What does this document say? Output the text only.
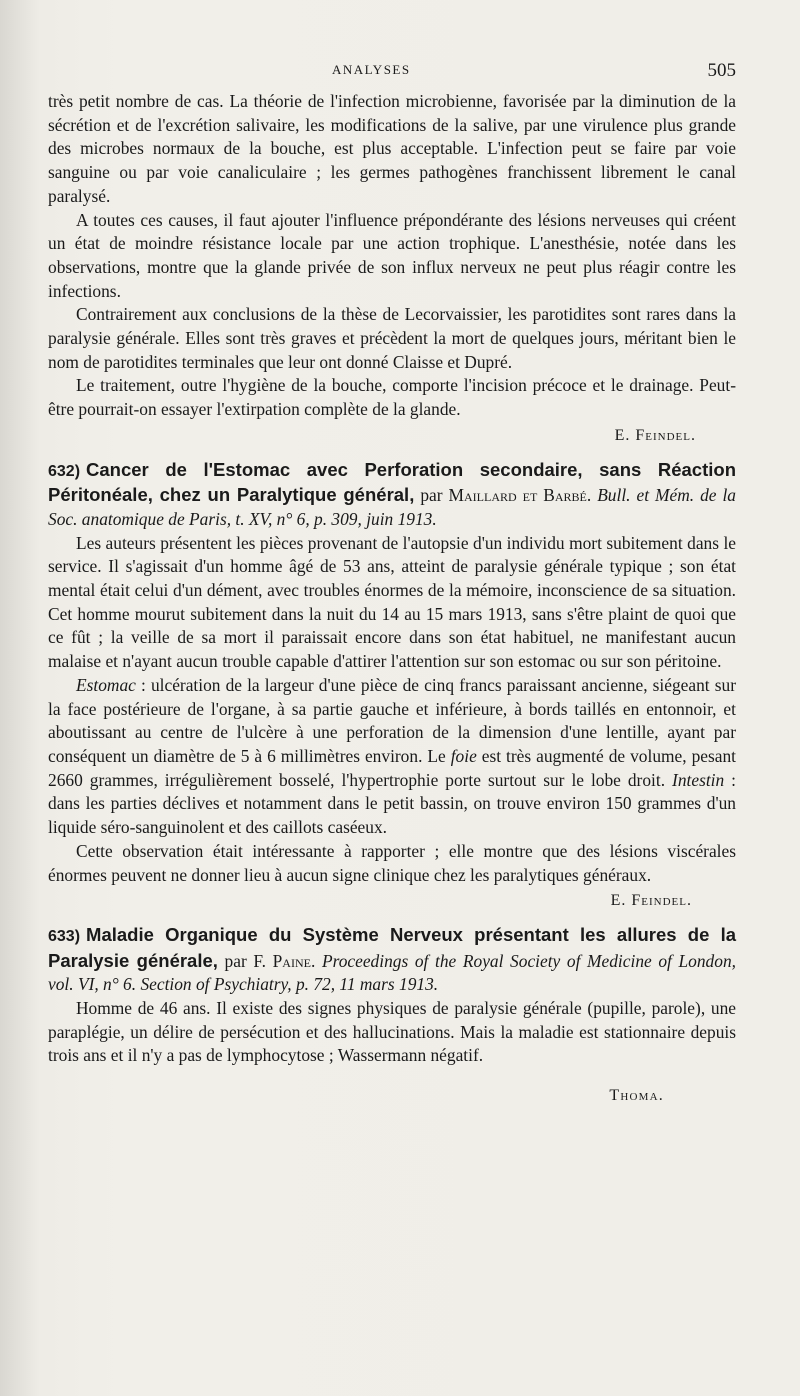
ANALYSES	505

très petit nombre de cas. La théorie de l'infection microbienne, favorisée par la diminution de la sécrétion et de l'excrétion salivaire, les modifications de la salive, par une virulence plus grande des microbes normaux de la bouche, est plus acceptable. L'infection peut se faire par voie sanguine ou par voie canaliculaire ; les germes pathogènes franchissent librement le canal paralysé.

A toutes ces causes, il faut ajouter l'influence prépondérante des lésions nerveuses qui créent un état de moindre résistance locale par une action trophique. L'anesthésie, notée dans les observations, montre que la glande privée de son influx nerveux ne peut plus réagir contre les infections.

Contrairement aux conclusions de la thèse de Lecorvaissier, les parotidites sont rares dans la paralysie générale. Elles sont très graves et précèdent la mort de quelques jours, méritant bien le nom de parotidites terminales que leur ont donné Claisse et Dupré.

Le traitement, outre l'hygiène de la bouche, comporte l'incision précoce et le drainage. Peut-être pourrait-on essayer l'extirpation complète de la glande.

E. Feindel.

632) Cancer de l'Estomac avec Perforation secondaire, sans Réaction Péritonéale, chez un Paralytique général, par Maillard et Barbé. Bull. et Mém. de la Soc. anatomique de Paris, t. XV, n° 6, p. 309, juin 1913.

Les auteurs présentent les pièces provenant de l'autopsie d'un individu mort subitement dans le service. Il s'agissait d'un homme âgé de 53 ans, atteint de paralysie générale typique ; son état mental était celui d'un dément, avec troubles énormes de la mémoire, inconscience de sa situation. Cet homme mourut subitement dans la nuit du 14 au 15 mars 1913, sans s'être plaint de quoi que ce fût ; la veille de sa mort il paraissait encore dans son état habituel, ne manifestant aucun malaise et n'ayant aucun trouble capable d'attirer l'attention sur son estomac ou sur son péritoine.

Estomac : ulcération de la largeur d'une pièce de cinq francs paraissant ancienne, siégeant sur la face postérieure de l'organe, à sa partie gauche et inférieure, à bords taillés en entonnoir, et aboutissant au centre de l'ulcère à une perforation de la dimension d'une lentille, ayant par conséquent un diamètre de 5 à 6 millimètres environ. Le foie est très augmenté de volume, pesant 2660 grammes, irrégulièrement bosselé, l'hypertrophie porte surtout sur le lobe droit. Intestin : dans les parties déclives et notamment dans le petit bassin, on trouve environ 150 grammes d'un liquide séro-sanguinolent et des caillots caséeux.

Cette observation était intéressante à rapporter ; elle montre que des lésions viscérales énormes peuvent ne donner lieu à aucun signe clinique chez les paralytiques généraux.

E. Feindel.

633) Maladie Organique du Système Nerveux présentant les allures de la Paralysie générale, par F. Paine. Proceedings of the Royal Society of Medicine of London, vol. VI, n° 6. Section of Psychiatry, p. 72, 11 mars 1913.

Homme de 46 ans. Il existe des signes physiques de paralysie générale (pupille, parole), une paraplégie, un délire de persécution et des hallucinations. Mais la maladie est stationnaire depuis trois ans et il n'y a pas de lymphocytose ; Wassermann négatif.

Thoma.
